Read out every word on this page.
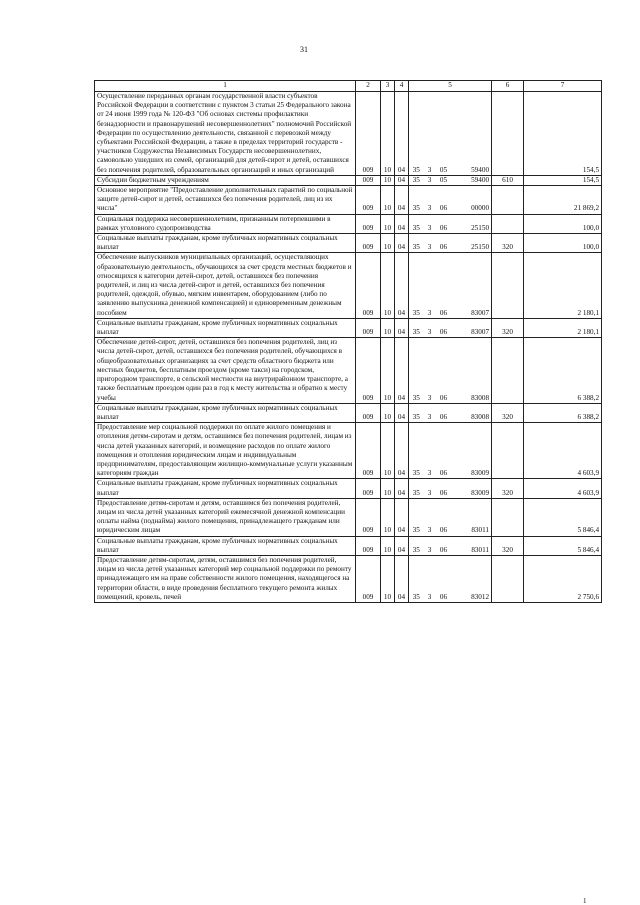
31
1	2	3	4	5				6	7
Осуществление переданных органам государственной власти субъектов Российской Федерации в соответствии с пунктом 3 статьи 25 Федерального закона от 24 июня 1999 года № 120-ФЗ "Об основах системы профилактики безнадзорности и правонарушений несовершеннолетних" полномочий Российской Федерации по осуществлению деятельности, связанной с перевозкой между субъектами Российской Федерации, а также в пределах территорий государств - участников Содружества Независимых Государств несовершеннолетних, самовольно ушедших из семей, организаций для детей-сирот и детей, оставшихся без попечения родителей, образовательных организаций и иных организаций	009	10	04	35	3	05	59400		154,5
Субсидии бюджетным учреждениям	009	10	04	35	3	05	59400	610	154,5
Основное мероприятие "Предоставление дополнительных гарантий по социальной защите детей-сирот и детей, оставшихся без попечения родителей, лиц из их числа"	009	10	04	35	3	06	00000		21 869,2
Социальная поддержка несовершеннолетним, признанным потерпевшими в рамках уголовного судопроизводства	009	10	04	35	3	06	25150		100,0
Социальные выплаты гражданам, кроме публичных нормативных социальных выплат	009	10	04	35	3	06	25150	320	100,0
Обеспечение выпускников муниципальных организаций, осуществляющих образовательную деятельность, обучающихся за счет средств местных бюджетов и относящихся к категории детей-сирот, детей, оставшихся без попечения родителей, и лиц из числа детей-сирот и детей, оставшихся без попечения родителей, одеждой, обувью, мягким инвентарем, оборудованием (либо по заявлению выпускника денежной компенсацией) и единовременным денежным пособием	009	10	04	35	3	06	83007		2 180,1
Социальные выплаты гражданам, кроме публичных нормативных социальных выплат	009	10	04	35	3	06	83007	320	2 180,1
Обеспечение детей-сирот, детей, оставшихся без попечения родителей, лиц из числа детей-сирот, детей, оставшихся без попечения родителей, обучающихся в общеобразовательных организациях за счет средств областного бюджета или местных бюджетов, бесплатным проездом (кроме такси) на городском, пригородном транспорте, в сельской местности на внутрирайонном транспорте, а также бесплатным проездом один раз в год к месту жительства и обратно к месту учебы	009	10	04	35	3	06	83008		6 388,2
Социальные выплаты гражданам, кроме публичных нормативных социальных выплат	009	10	04	35	3	06	83008	320	6 388,2
Предоставление мер социальной поддержки по оплате жилого помещения и отопления детям-сиротам и детям, оставшимся без попечения родителей, лицам из числа детей указанных категорий, и возмещение расходов по оплате жилого помещения и отопления юридическим лицам и индивидуальным предпринимателям, предоставляющим жилищно-коммунальные услуги указанным категориям граждан	009	10	04	35	3	06	83009		4 603,9
Социальные выплаты гражданам, кроме публичных нормативных социальных выплат	009	10	04	35	3	06	83009	320	4 603,9
Предоставление детям-сиротам и детям, оставшимся без попечения родителей, лицам из числа детей указанных категорий ежемесячной денежной компенсации оплаты найма (поднайма) жилого помещения, принадлежащего гражданам или юридическим лицам	009	10	04	35	3	06	83011		5 846,4
Социальные выплаты гражданам, кроме публичных нормативных социальных выплат	009	10	04	35	3	06	83011	320	5 846,4
Предоставление детям-сиротам, детям, оставшимся без попечения родителей, лицам из числа детей указанных категорий мер социальной поддержки по ремонту принадлежащего им на праве собственности жилого помещения, находящегося на территории области, в виде проведения бесплатного текущего ремонта жилых помещений, кровель, печей	009	10	04	35	3	06	83012		2 750,6
1
